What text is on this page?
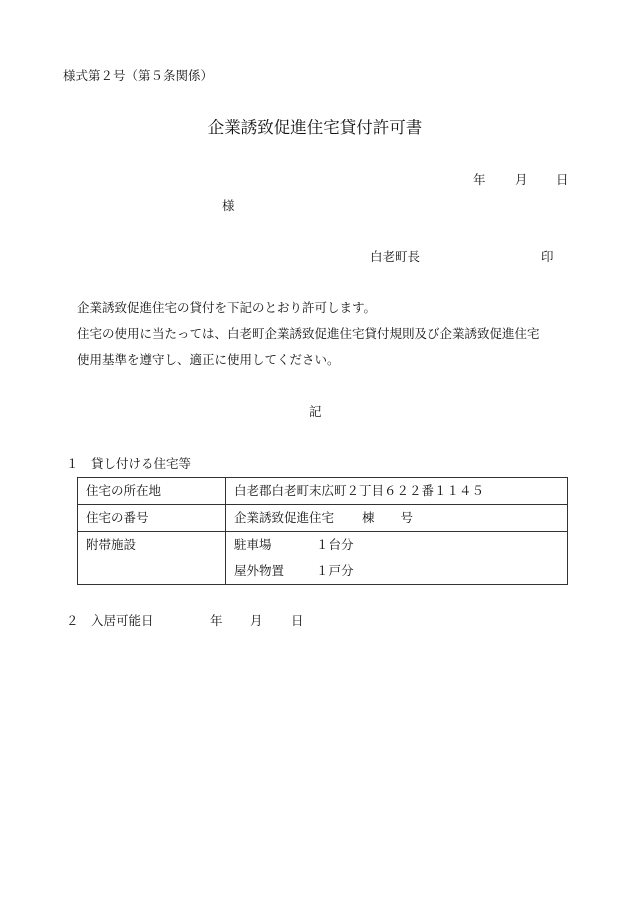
様式第２号（第５条関係）
企業誘致促進住宅貸付許可書
年 月 日
様
白老町長	印
企業誘致促進住宅の貸付を下記のとおり許可します。
住宅の使用に当たっては、白老町企業誘致促進住宅貸付規則及び企業誘致促進住宅
使用基準を遵守し、適正に使用してください。
記
１　貸し付ける住宅等
住宅の所在地	白老郡白老町末広町２丁目６２２番１１４５
住宅の番号	企業誘致促進住宅 棟 号
附帯施設	駐車場 １台分
屋外物置 １戸分
２　入居可能日	年 月 日
